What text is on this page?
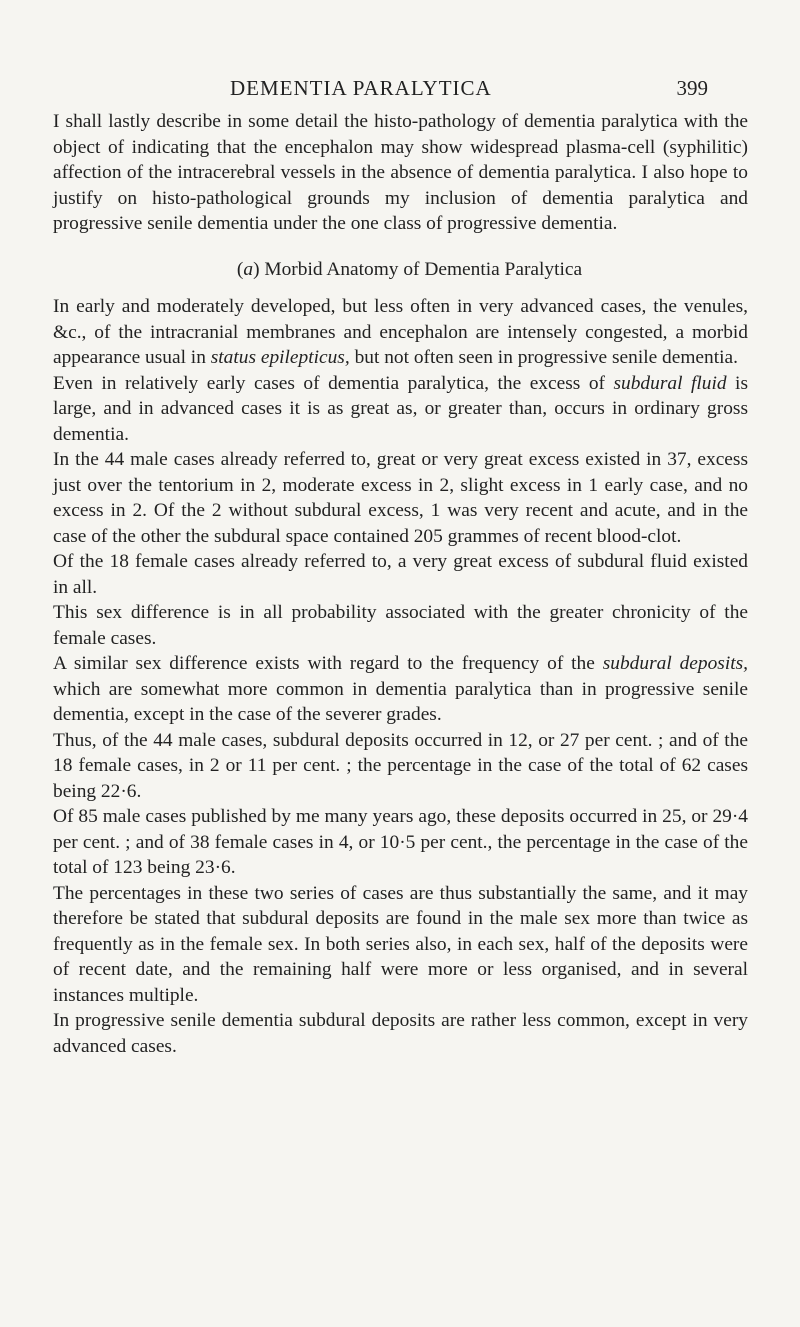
DEMENTIA PARALYTICA	399

I shall lastly describe in some detail the histo-pathology of dementia paralytica with the object of indicating that the encephalon may show widespread plasma-cell (syphilitic) affection of the intracerebral vessels in the absence of dementia paralytica. I also hope to justify on histo-pathological grounds my inclusion of dementia paralytica and progressive senile dementia under the one class of progressive dementia.

(a) Morbid Anatomy of Dementia Paralytica

In early and moderately developed, but less often in very advanced cases, the venules, &c., of the intracranial membranes and encephalon are intensely congested, a morbid appearance usual in status epilepticus, but not often seen in progressive senile dementia.

Even in relatively early cases of dementia paralytica, the excess of subdural fluid is large, and in advanced cases it is as great as, or greater than, occurs in ordinary gross dementia.

In the 44 male cases already referred to, great or very great excess existed in 37, excess just over the tentorium in 2, moderate excess in 2, slight excess in 1 early case, and no excess in 2. Of the 2 without subdural excess, 1 was very recent and acute, and in the case of the other the subdural space contained 205 grammes of recent blood-clot.

Of the 18 female cases already referred to, a very great excess of subdural fluid existed in all.

This sex difference is in all probability associated with the greater chronicity of the female cases.

A similar sex difference exists with regard to the frequency of the subdural deposits, which are somewhat more common in dementia paralytica than in progressive senile dementia, except in the case of the severer grades.

Thus, of the 44 male cases, subdural deposits occurred in 12, or 27 per cent. ; and of the 18 female cases, in 2 or 11 per cent. ; the percentage in the case of the total of 62 cases being 22·6.

Of 85 male cases published by me many years ago, these deposits occurred in 25, or 29·4 per cent. ; and of 38 female cases in 4, or 10·5 per cent., the percentage in the case of the total of 123 being 23·6.

The percentages in these two series of cases are thus substantially the same, and it may therefore be stated that subdural deposits are found in the male sex more than twice as frequently as in the female sex. In both series also, in each sex, half of the deposits were of recent date, and the remaining half were more or less organised, and in several instances multiple.

In progressive senile dementia subdural deposits are rather less common, except in very advanced cases.
